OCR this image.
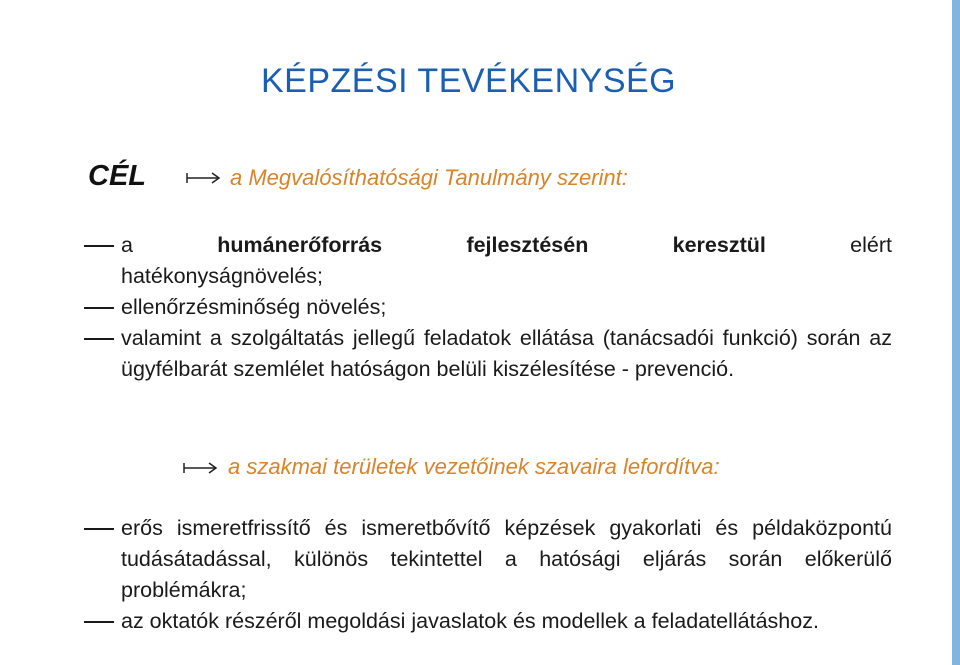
KÉPZÉSI TEVÉKENYSÉG
CÉL	a Megvalósíthatósági Tanulmány szerint:
a	humánerőforrás	fejlesztésén	keresztül	elért hatékonyságnövelés;
ellenőrzésminőség növelés;
valamint a szolgáltatás jellegű feladatok ellátása (tanácsadói funkció) során az ügyfélbarát szemlélet hatóságon belüli kiszélesítése - prevenció.
a szakmai területek vezetőinek szavaira lefordítva:
erős ismeretfrissítő és ismeretbővítő képzések gyakorlati és példaközpontú tudásátadással, különös tekintettel a hatósági eljárás során előkerülő problémákra;
az oktatók részéről megoldási javaslatok és modellek a feladatellátáshoz.
